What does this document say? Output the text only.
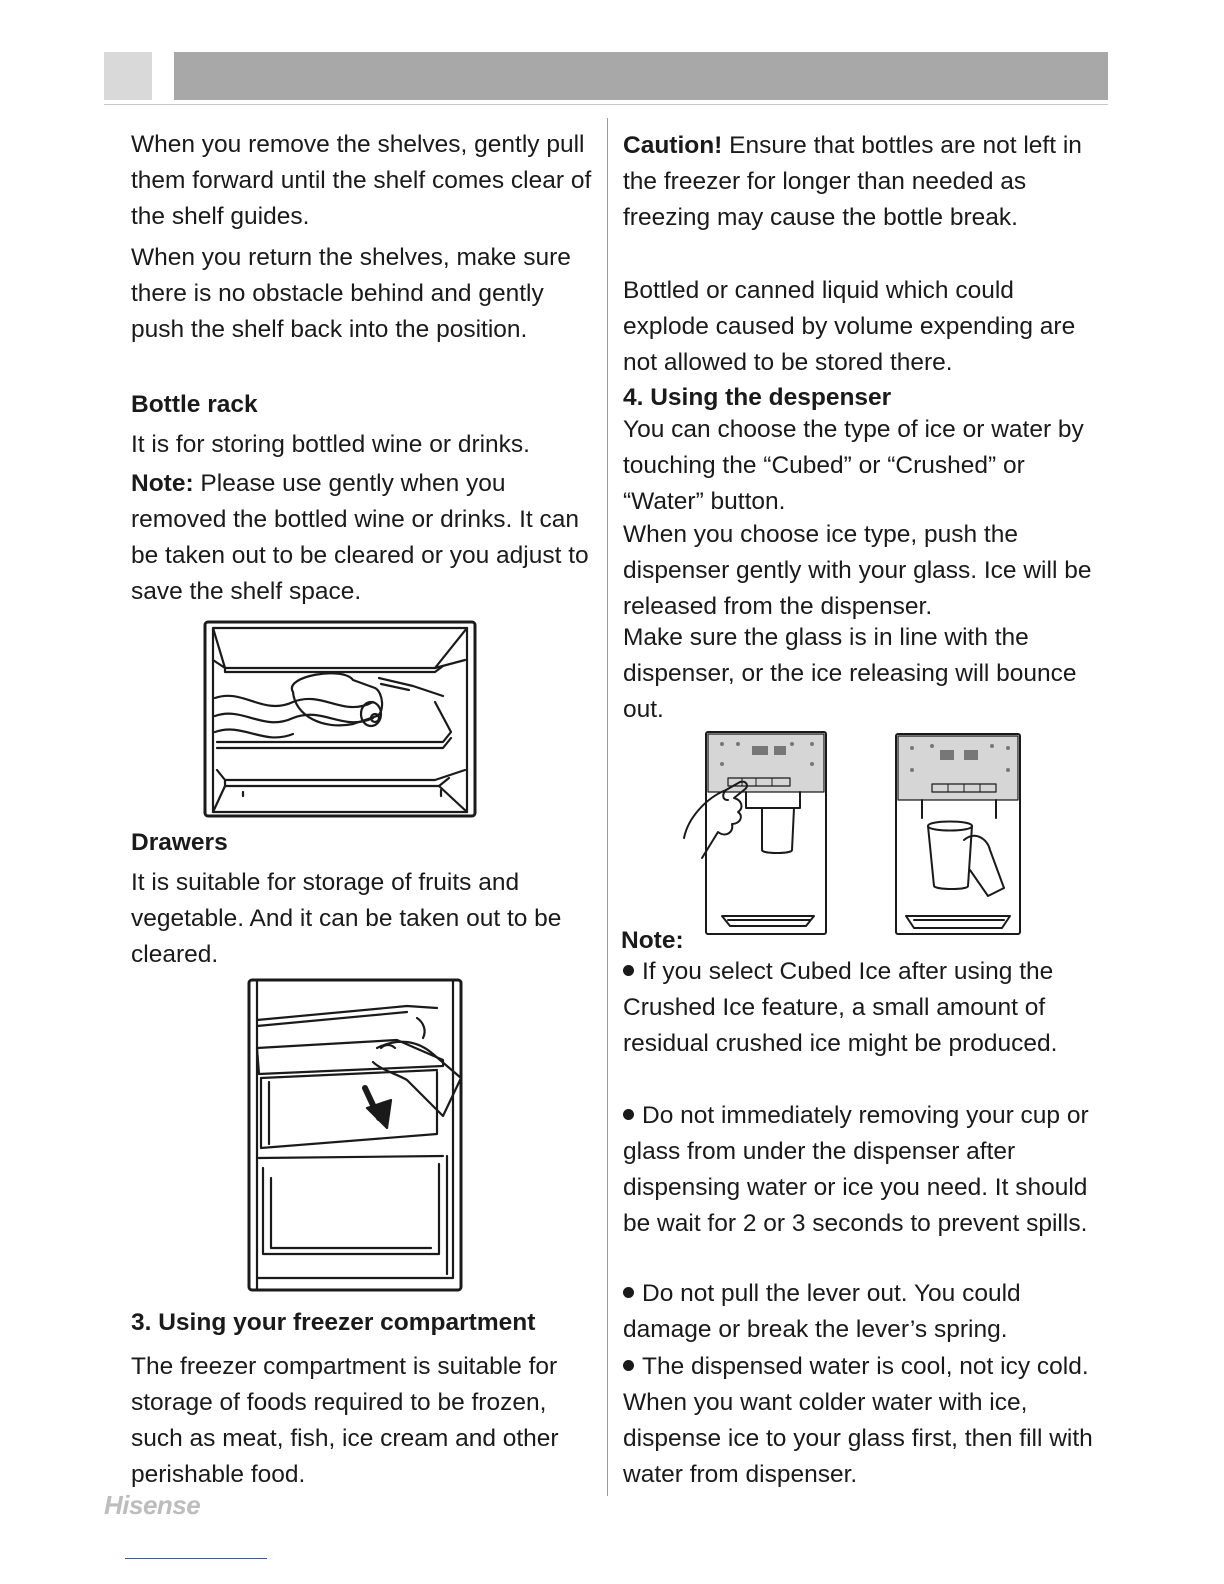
When you remove the shelves, gently pull them forward until the shelf comes clear of the shelf guides.

When you return the shelves, make sure there is no obstacle behind and gently push the shelf back into the position.

Bottle rack

It is for storing bottled wine or drinks.

Note: Please use gently when you removed the bottled wine or drinks. It can be taken out to be cleared or you adjust to save the shelf space.

Drawers

It is suitable for storage of fruits and vegetable. And it can be taken out to be cleared.

3. Using your freezer compartment

The freezer compartment is suitable for storage of foods required to be frozen, such as meat, fish, ice cream and other perishable food.

Caution! Ensure that bottles are not left in the freezer for longer than needed as freezing may cause the bottle break.

Bottled or canned liquid which could explode caused by volume expending are not allowed to be stored there.

4. Using the despenser

You can choose the type of ice or water by touching the “Cubed” or “Crushed” or “Water” button.

When you choose ice type, push the dispenser gently with your glass. Ice will be released from the dispenser.

Make sure the glass is in line with the dispenser, or the ice releasing will bounce out.

Note:

If you select Cubed Ice after using the Crushed Ice feature, a small amount of residual crushed ice might be produced.

Do not immediately removing your cup or glass from under the dispenser after dispensing water or ice you need. It should be wait for 2 or 3 seconds to prevent spills.

Do not pull the lever out. You could damage or break the lever’s spring.

The dispensed water is cool, not icy cold. When you want colder water with ice, dispense ice to your glass first, then fill with water from dispenser.

Hisense
